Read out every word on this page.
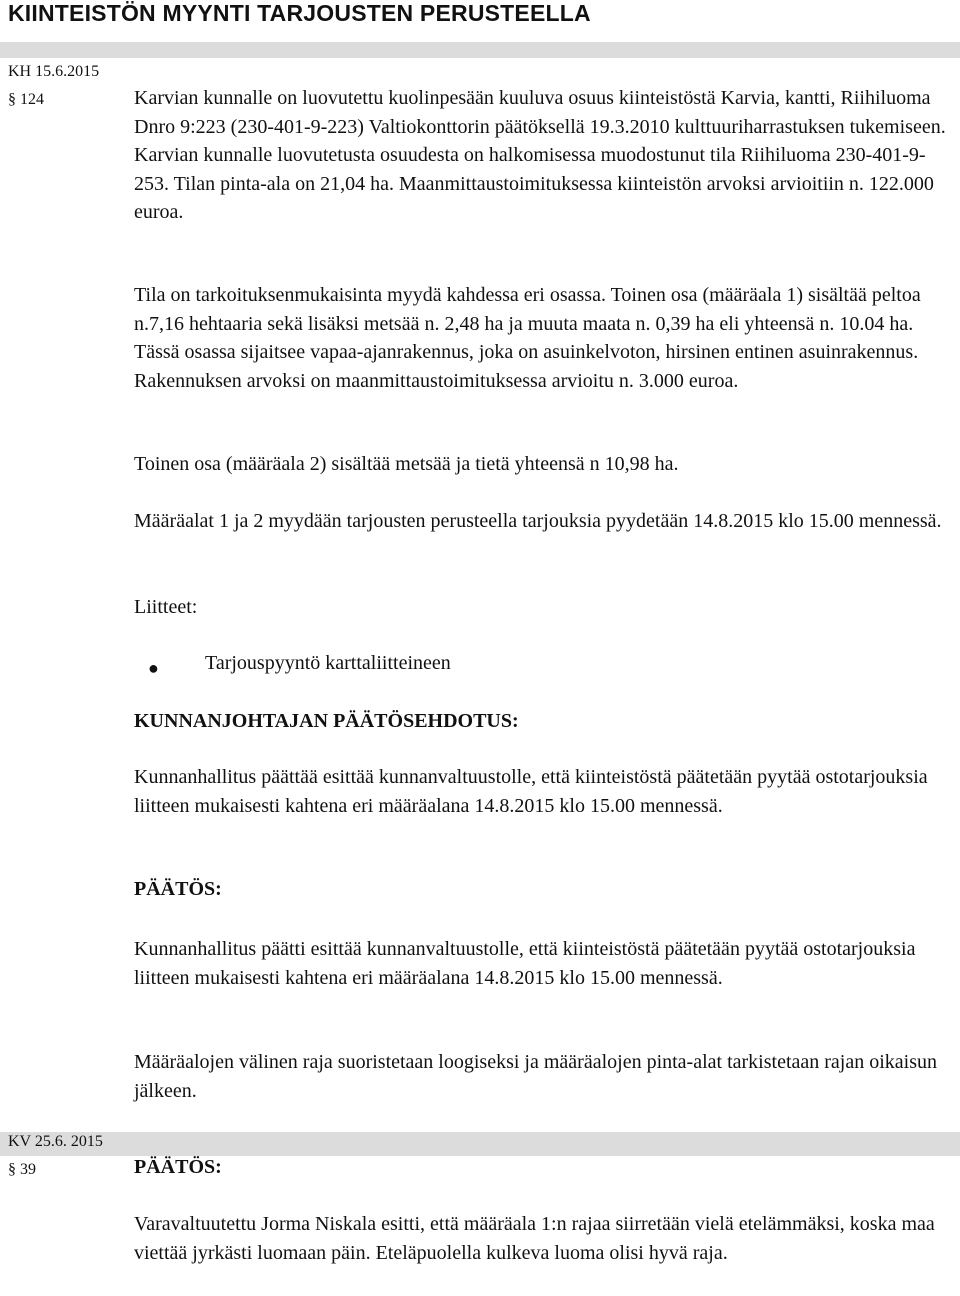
KIINTEISTÖN MYYNTI TARJOUSTEN PERUSTEELLA
KH 15.6.2015
§ 124	Karvian kunnalle on luovutettu kuolinpesään kuuluva osuus kiinteistöstä Karvia, kantti, Riihiluoma Dnro 9:223 (230-401-9-223) Valtiokonttorin päätöksellä 19.3.2010 kulttuuriharrastuksen tukemiseen. Karvian kunnalle luovutetusta osuudesta on halkomisessa muodostunut tila Riihiluoma 230-401-9-253. Tilan pinta-ala on 21,04 ha. Maanmittaustoimituksessa kiinteistön arvoksi arvioitiin n. 122.000 euroa.

Tila on tarkoituksenmukaisinta myydä kahdessa eri osassa. Toinen osa (määräala 1) sisältää peltoa n.7,16 hehtaaria sekä lisäksi metsää n. 2,48 ha ja muuta maata n. 0,39 ha eli yhteensä n. 10.04 ha. Tässä osassa sijaitsee vapaa-ajanrakennus, joka on asuinkelvoton, hirsinen entinen asuinrakennus. Rakennuksen arvoksi on maanmittaustoimituksessa arvioitu n. 3.000 euroa.

Toinen osa (määräala 2) sisältää metsää ja tietä yhteensä n 10,98 ha.

Määräalat 1 ja 2 myydään tarjousten perusteella tarjouksia pyydetään 14.8.2015 klo 15.00 mennessä.

Liitteet:
● Tarjouspyyntö karttaliitteineen
KUNNANJOHTAJAN PÄÄTÖSEHDOTUS:

Kunnanhallitus päättää esittää kunnanvaltuustolle, että kiinteistöstä päätetään pyytää ostotarjouksia liitteen mukaisesti kahtena eri määräalana 14.8.2015 klo 15.00 mennessä.

PÄÄTÖS:

Kunnanhallitus päätti esittää kunnanvaltuustolle, että kiinteistöstä päätetään pyytää ostotarjouksia liitteen mukaisesti kahtena eri määräalana 14.8.2015 klo 15.00 mennessä.

Määräalojen välinen raja suoristetaan loogiseksi ja määräalojen pinta-alat tarkistetaan rajan oikaisun jälkeen.

KV 25.6. 2015
§ 39	PÄÄTÖS:

Varavaltuutettu Jorma Niskala esitti, että määräala 1:n rajaa siirretään vielä etelämmäksi, koska maa viettää jyrkästi luomaan päin. Eteläpuolella kulkeva luoma olisi hyvä raja.
